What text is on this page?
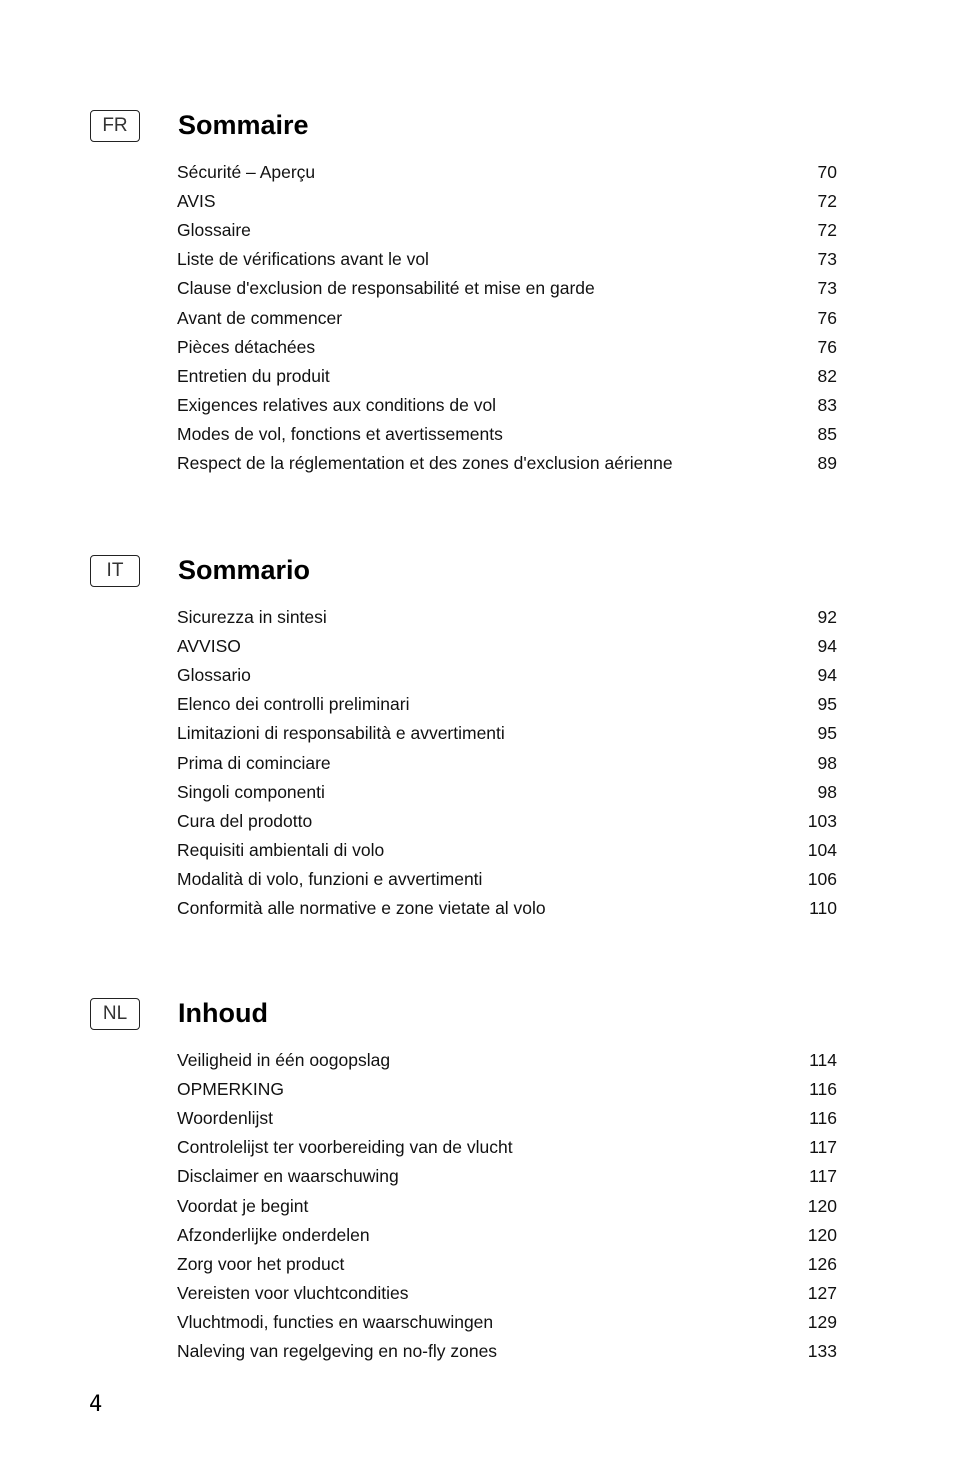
FR	Sommaire
Sécurité – Aperçu	70
AVIS	72
Glossaire	72
Liste de vérifications avant le vol	73
Clause d'exclusion de responsabilité et mise en garde	73
Avant de commencer	76
Pièces détachées	76
Entretien du produit	82
Exigences relatives aux conditions de vol	83
Modes de vol, fonctions et avertissements	85
Respect de la réglementation et des zones d'exclusion aérienne	89
IT	Sommario
Sicurezza in sintesi	92
AVVISO	94
Glossario	94
Elenco dei controlli preliminari	95
Limitazioni di responsabilità e avvertimenti	95
Prima di cominciare	98
Singoli componenti	98
Cura del prodotto	103
Requisiti ambientali di volo	104
Modalità di volo, funzioni e avvertimenti	106
Conformità alle normative e zone vietate al volo	110
NL	Inhoud
Veiligheid in één oogopslag	114
OPMERKING	116
Woordenlijst	116
Controlelijst ter voorbereiding van de vlucht	117
Disclaimer en waarschuwing	117
Voordat je begint	120
Afzonderlijke onderdelen	120
Zorg voor het product	126
Vereisten voor vluchtcondities	127
Vluchtmodi, functies en waarschuwingen	129
Naleving van regelgeving en no-fly zones	133
4
